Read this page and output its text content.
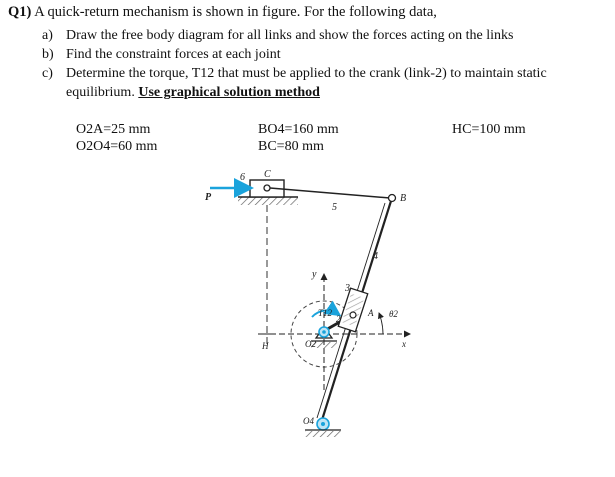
Q1) A quick-return mechanism is shown in figure. For the following data,
a) Draw the free body diagram for all links and show the forces acting on the links
b) Find the constraint forces at each joint
c) Determine the torque, T12 that must be applied to the crank (link-2) to maintain static
equilibrium. Use graphical solution method
O2A=25 mm
O2O4=60 mm
BO4=160 mm
BC=80 mm
HC=100 mm
6 C
P
5
B
4
y
3
T12
2
A θ2
H	O2	x
O4
